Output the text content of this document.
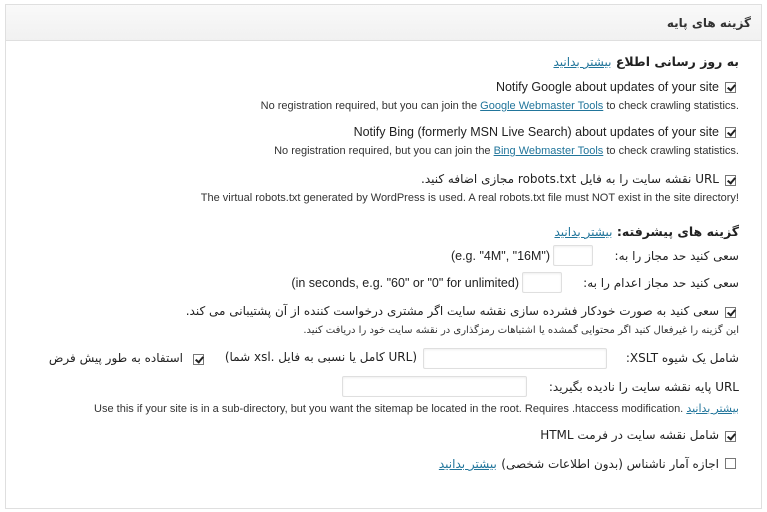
گزینه های پایه
به روز رسانی اطلاع بیشتر بدانید
Notify Google about updates of your site
No registration required, but you can join the Google Webmaster Tools to check crawling statistics.
Notify Bing (formerly MSN Live Search) about updates of your site
No registration required, but you can join the Bing Webmaster Tools to check crawling statistics.
URL نقشه سایت را به فایل robots.txt مجازی اضافه کنید.
The virtual robots.txt generated by WordPress is used. A real robots.txt file must NOT exist in the site directory!
گزینه های پیشرفته: بیشتر بدانید
سعی کنید حد مجاز را به:
(e.g. "4M", "16M")
سعی کنید حد مجاز اعدام را به:
(in seconds, e.g. "60" or "0" for unlimited)
سعی کنید به صورت خودکار فشرده سازی نقشه سایت اگر مشتری درخواست کننده از آن پشتیبانی می کند.
این گزینه را غیرفعال کنید اگر محتوایی گمشده یا اشتباهات رمزگذاری در نقشه سایت خود را دریافت کنید.
شامل یک شیوه XSLT:
(URL کامل یا نسبی به فایل .xsl شما)
استفاده به طور پیش فرض
URL پایه نقشه سایت را نادیده بگیرید:
Use this if your site is in a sub-directory, but you want the sitemap be located in the root. Requires .htaccess modification. بیشتر بدانید
شامل نقشه سایت در فرمت HTML
اجازه آمار ناشناس (بدون اطلاعات شخصی) بیشتر بدانید
